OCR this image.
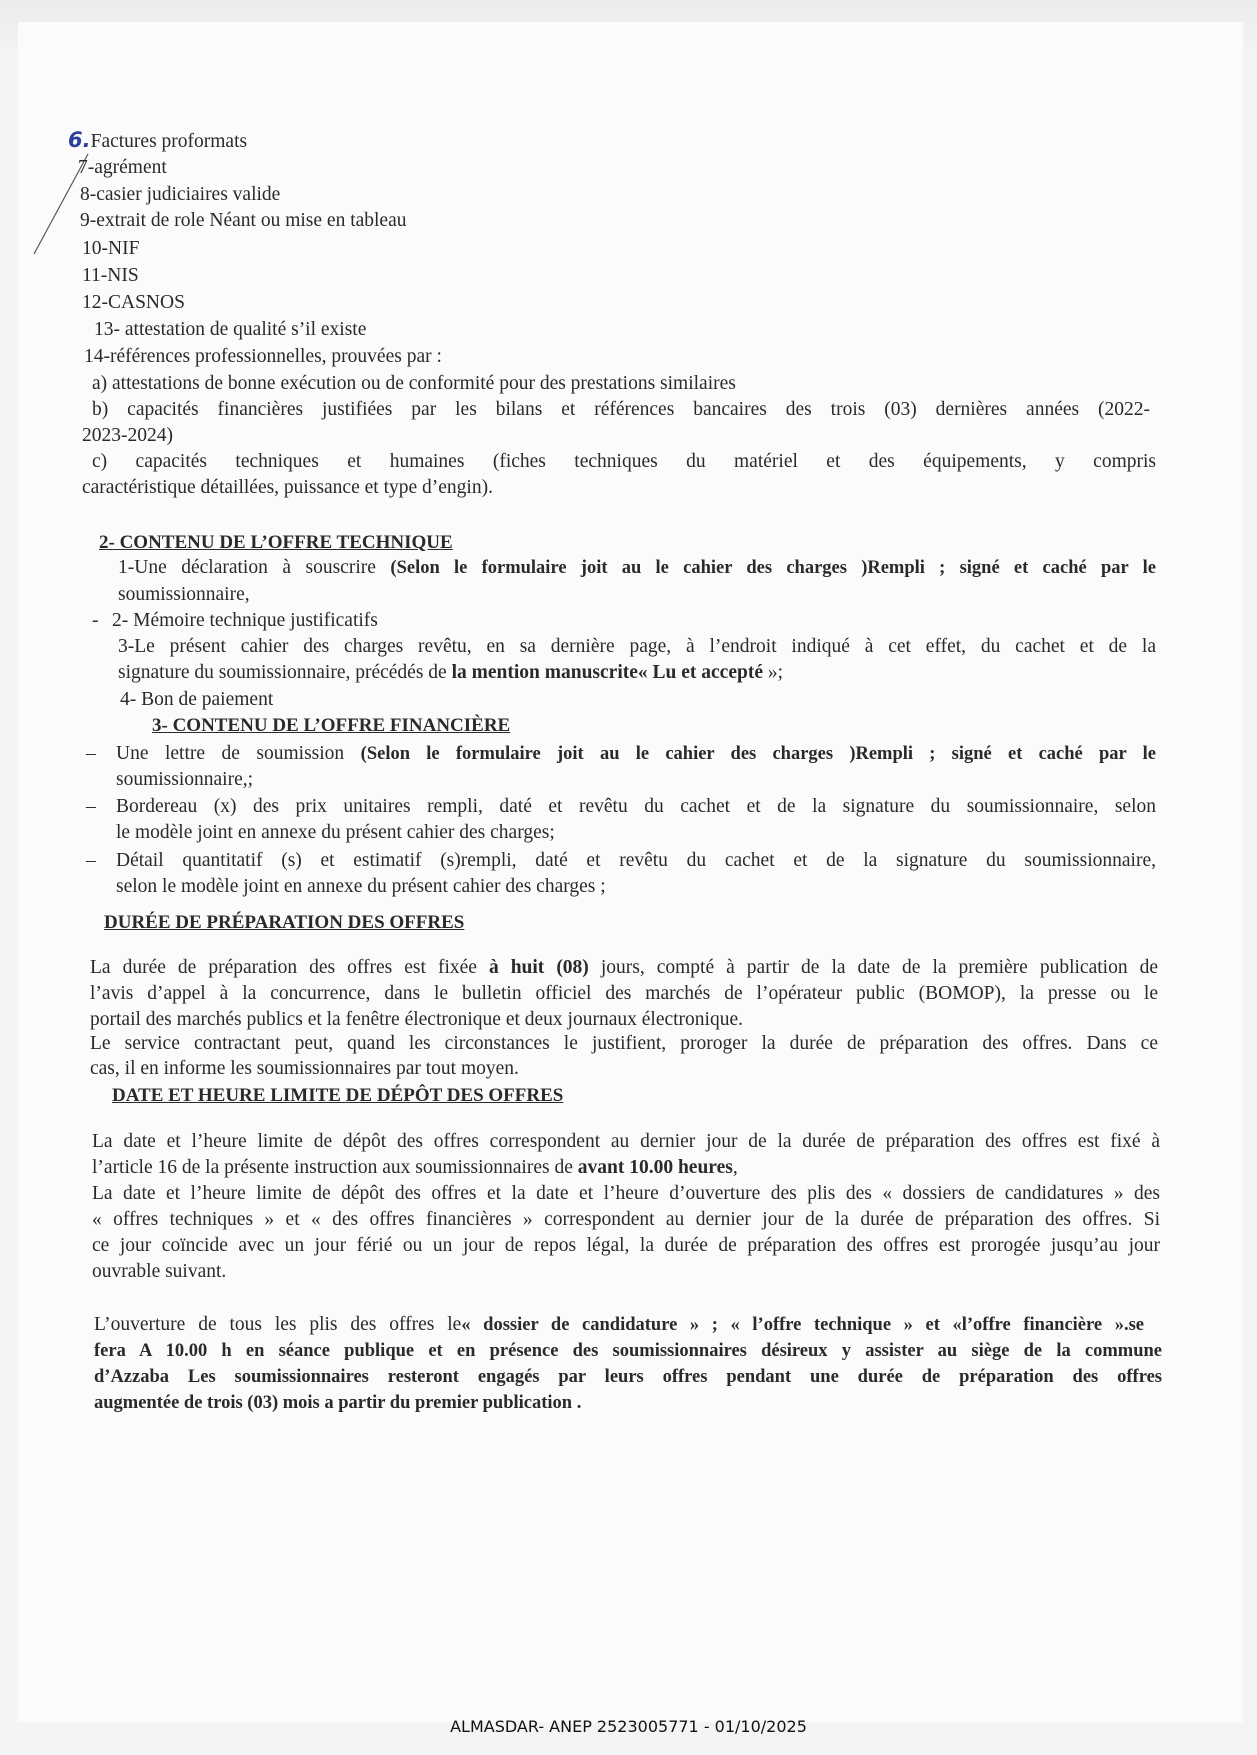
6.Factures proformats
7-agrément
8-casier judiciaires valide
9-extrait de role Néant ou mise en tableau
10-NIF
11-NIS
12-CASNOS
13- attestation de qualité s’il existe
14-références professionnelles, prouvées par :
a) attestations de bonne exécution ou de conformité pour des prestations similaires
b) capacités financières justifiées par les bilans et références bancaires des trois (03) dernières années (2022-
2023-2024)
c) capacités techniques et humaines (fiches techniques du matériel et des équipements, y compris
caractéristique détaillées, puissance et type d’engin).
2- CONTENU DE L’OFFRE TECHNIQUE
1-Une déclaration à souscrire (Selon le formulaire joit au le cahier des charges )Rempli ; signé et caché par le
soumissionnaire,
- 2- Mémoire technique justificatifs
3-Le présent cahier des charges revêtu, en sa dernière page, à l’endroit indiqué à cet effet, du cachet et de la
signature du soumissionnaire, précédés de la mention manuscrite« Lu et accepté »;
4- Bon de paiement
3- CONTENU DE L’OFFRE FINANCIÈRE
– Une lettre de soumission (Selon le formulaire joit au le cahier des charges )Rempli ; signé et caché par le
soumissionnaire,;
– Bordereau (x) des prix unitaires rempli, daté et revêtu du cachet et de la signature du soumissionnaire, selon
le modèle joint en annexe du présent cahier des charges;
– Détail quantitatif (s) et estimatif (s)rempli, daté et revêtu du cachet et de la signature du soumissionnaire,
selon le modèle joint en annexe du présent cahier des charges ;
DURÉE DE PRÉPARATION DES OFFRES
La durée de préparation des offres est fixée à huit (08) jours, compté à partir de la date de la première publication de
l’avis d’appel à la concurrence, dans le bulletin officiel des marchés de l’opérateur public (BOMOP), la presse ou le
portail des marchés publics et la fenêtre électronique et deux journaux électronique.
Le service contractant peut, quand les circonstances le justifient, proroger la durée de préparation des offres. Dans ce
cas, il en informe les soumissionnaires par tout moyen.
DATE ET HEURE LIMITE DE DÉPÔT DES OFFRES
La date et l’heure limite de dépôt des offres correspondent au dernier jour de la durée de préparation des offres est fixé à
l’article 16 de la présente instruction aux soumissionnaires de avant 10.00 heures,
La date et l’heure limite de dépôt des offres et la date et l’heure d’ouverture des plis des « dossiers de candidatures » des
« offres techniques » et « des offres financières » correspondent au dernier jour de la durée de préparation des offres. Si
ce jour coïncide avec un jour férié ou un jour de repos légal, la durée de préparation des offres est prorogée jusqu’au jour
ouvrable suivant.
L’ouverture de tous les plis des offres le« dossier de candidature » ; « l’offre technique » et «l’offre financière ».se
fera A 10.00 h en séance publique et en présence des soumissionnaires désireux y assister au siège de la commune
d’Azzaba Les soumissionnaires resteront engagés par leurs offres pendant une durée de préparation des offres
augmentée de trois (03) mois a partir du premier publication .
ALMASDAR- ANEP 2523005771 - 01/10/2025
